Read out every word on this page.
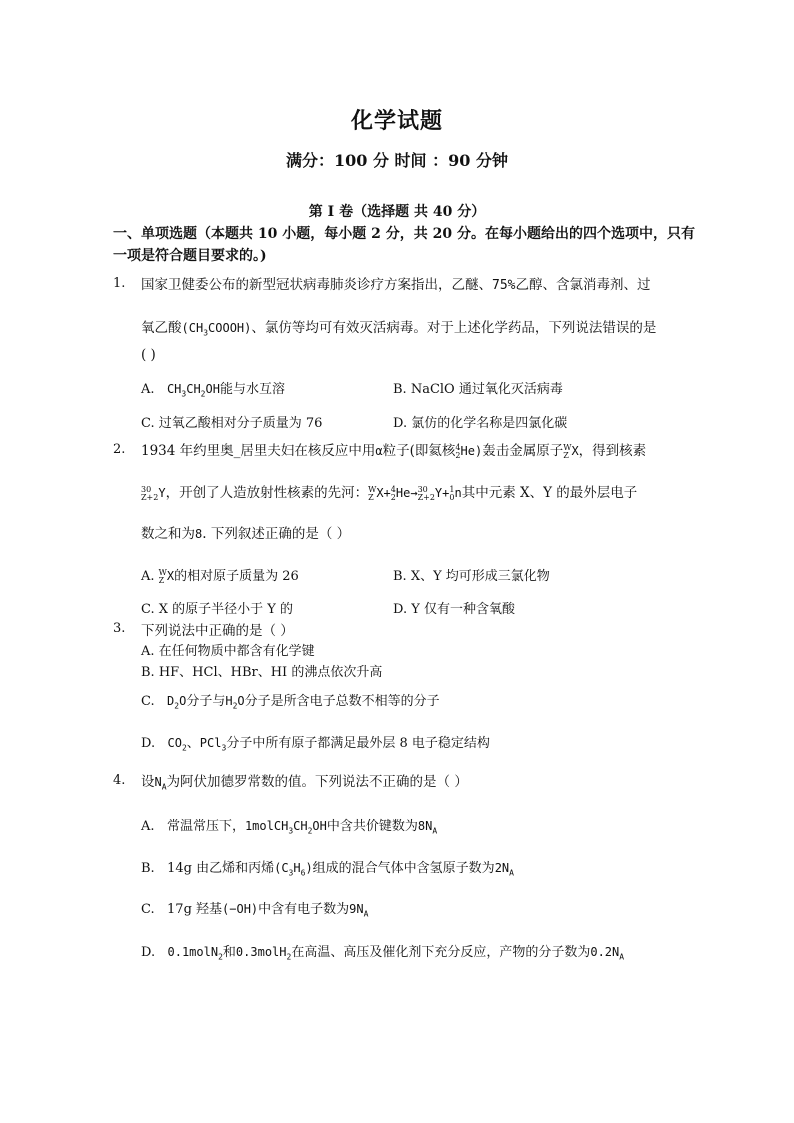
化学试题
满分：100 分 时间 ：90 分钟
第 I 卷（选择题 共 40 分）
一、单项选题（本题共 10 小题，每小题 2 分，共 20 分。在每小题给出的四个选项中，只有
一项是符合题目要求的。)
1. 国家卫健委公布的新型冠状病毒肺炎诊疗方案指出，乙醚、75%乙醇、含氯消毒剂、过
氧乙酸$(CH_3COOOH)$、氯仿等均可有效灭活病毒。对于上述化学药品，下列说法错误的是
( )
A. $CH_3CH_2OH$能与水互溶	B. NaClO 通过氧化灭活病毒
C. 过氧乙酸相对分子质量为 76	D. 氯仿的化学名称是四氯化碳
2. 1934 年约里奥_居里夫妇在核反应中用α粒子(即氦核4
2He)轰击金属原子W
Z X，得到核素
30
Z+2Y，开创了人造放射性核素的先河：W
Z X+4
2He→30
Z+2Y+1
0n其中元素 X、Y 的最外层电子
数之和为8. 下列叙述正确的是（ ）
A. W
Z X的相对原子质量为 26	B. X、Y 均可形成三氯化物
C. X 的原子半径小于 Y 的	D. Y 仅有一种含氧酸
3. 下列说法中正确的是（ ）
A. 在任何物质中都含有化学键
B. HF、HCl、HBr、HI 的沸点依次升高
C. $D_2O$分子与$H_2O$分子是所含电子总数不相等的分子
D. $CO_2$、PCl$_3$分子中所有原子都满足最外层 8 电子稳定结构
4. 设$N_A$为阿伏加德罗常数的值。下列说法不正确的是（ ）
A. 常温常压下，$1molCH_3CH_2OH$中含共价键数为$8N_A$
B. 14g 由乙烯和丙烯$(C_3H_6)$组成的混合气体中含氢原子数为$2N_A$
C. 17g 羟基(−OH)中含有电子数为$9N_A$
D. 0.1molN$_2$和0.3molH$_2$在高温、高压及催化剂下充分反应，产物的分子数为$0.2N_A$
